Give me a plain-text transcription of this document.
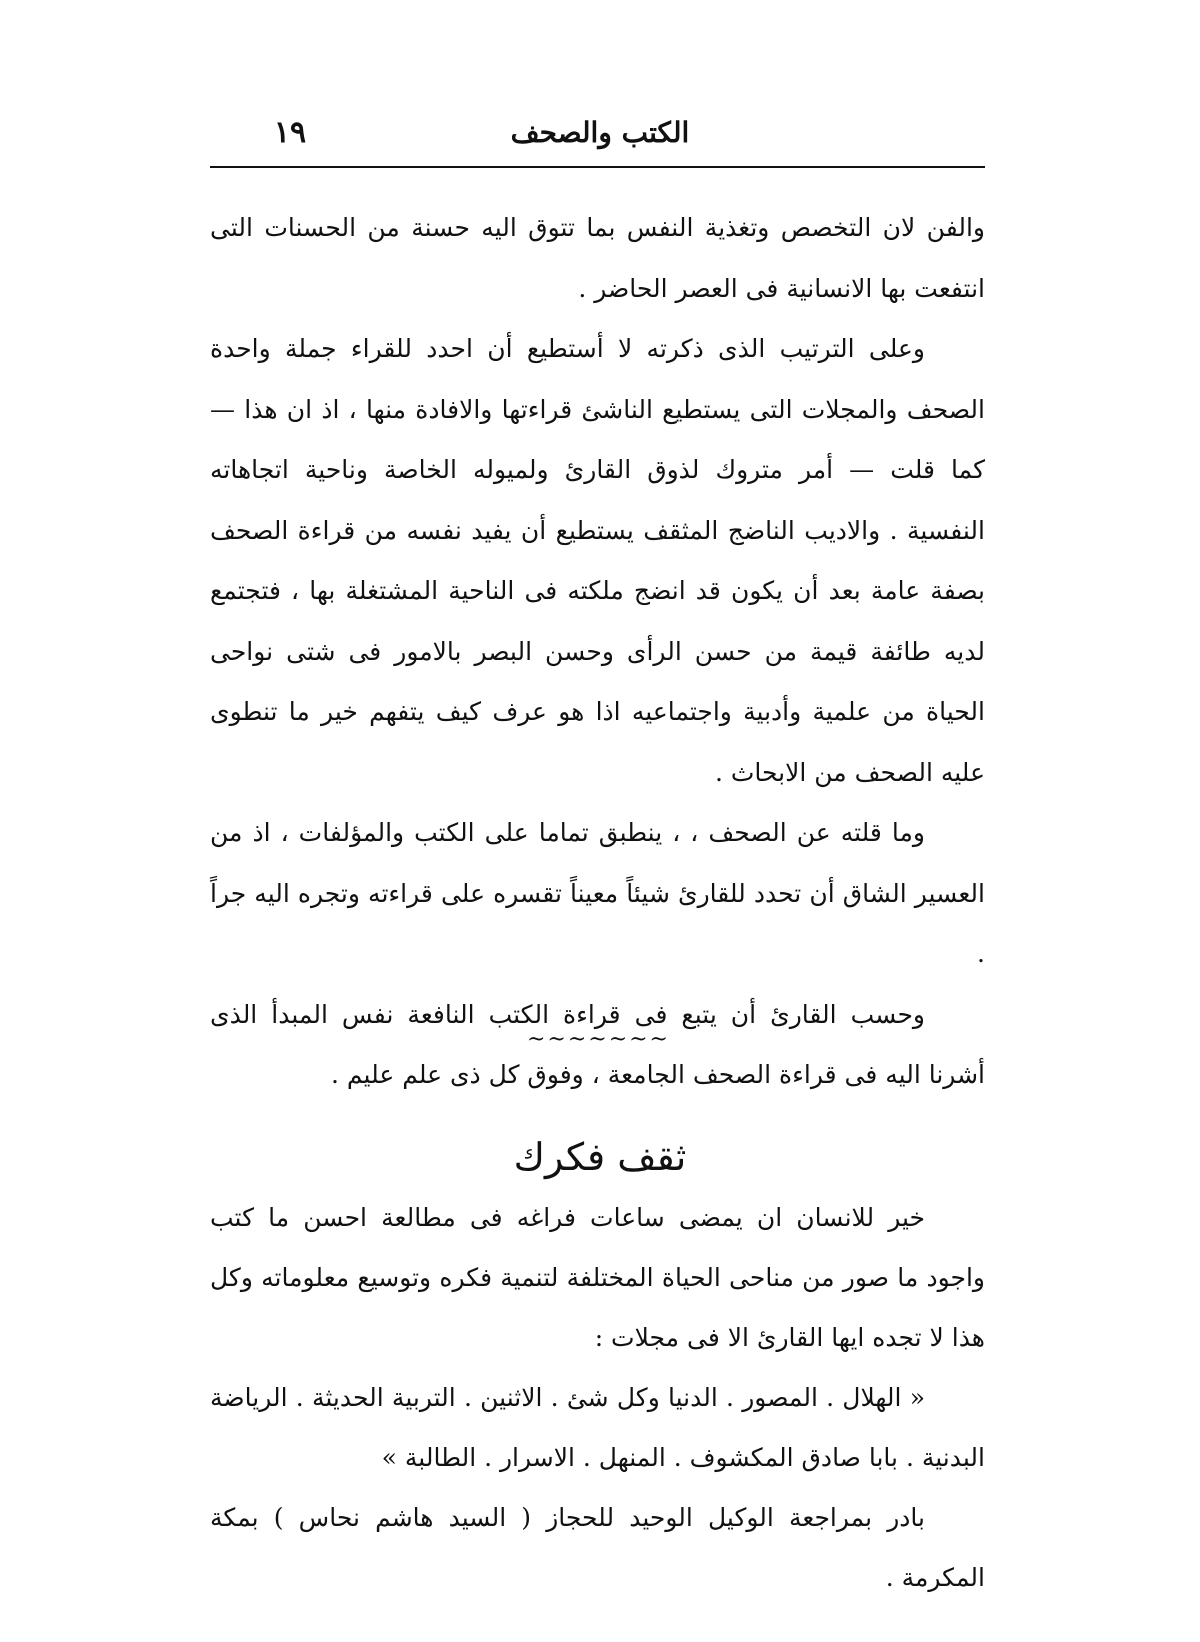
الكتب والصحف
١٩

والفن لان التخصص وتغذية النفس بما تتوق اليه حسنة من الحسنات التى انتفعت بها الانسانية فى العصر الحاضر .

وعلى الترتيب الذى ذكرته لا أستطيع أن احدد للقراء جملة واحدة الصحف والمجلات التى يستطيع الناشئ قراءتها والافادة منها ، اذ ان هذا — كما قلت — أمر متروك لذوق القارئ ولميوله الخاصة وناحية اتجاهاته النفسية . والاديب الناضج المثقف يستطيع أن يفيد نفسه من قراءة الصحف بصفة عامة بعد أن يكون قد انضج ملكته فى الناحية المشتغلة بها ، فتجتمع لديه طائفة قيمة من حسن الرأى وحسن البصر بالامور فى شتى نواحى الحياة من علمية وأدبية واجتماعيه اذا هو عرف كيف يتفهم خير ما تنطوى عليه الصحف من الابحاث .

وما قلته عن الصحف ، ، ينطبق تماما على الكتب والمؤلفات ، اذ من العسير الشاق أن تحدد للقارئ شيئاً معيناً تقسره على قراءته وتجره اليه جراً .

وحسب القارئ أن يتبع فى قراءة الكتب النافعة نفس المبدأ الذى أشرنا اليه فى قراءة الصحف الجامعة ، وفوق كل ذى علم عليم .

~~~~~~~
ثقف فكرك

خير للانسان ان يمضى ساعات فراغه فى مطالعة احسن ما كتب واجود ما صور من مناحى الحياة المختلفة لتنمية فكره وتوسيع معلوماته وكل هذا لا تجده ايها القارئ الا فى مجلات :

« الهلال . المصور . الدنيا وكل شئ . الاثنين . التربية الحديثة . الرياضة البدنية . بابا صادق المكشوف . المنهل . الاسرار . الطالبة »

بادر بمراجعة الوكيل الوحيد للحجاز ( السيد هاشم نحاس ) بمكة المكرمة .
